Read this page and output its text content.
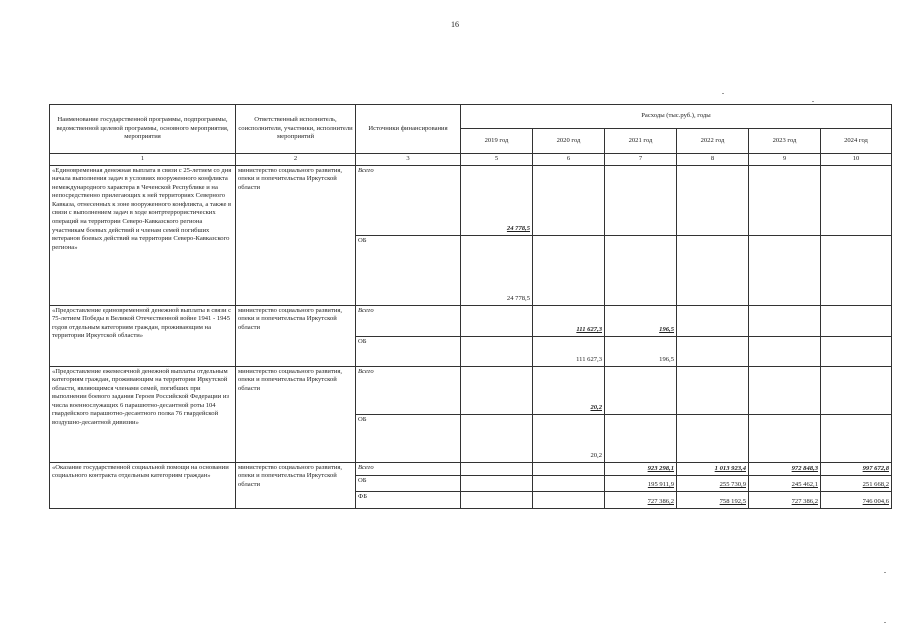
16
Наименование государственной программы, подпрограммы, ведомственной целевой программы, основного мероприятия, мероприятия	Ответственный исполнитель, соисполнители, участники, исполнители мероприятий	Источники финансирования	Расходы (тыс.руб.), годы					
			2019 год	2020 год	2021 год	2022 год	2023 год	2024 год
1	2	3	5	6	7	8	9	10
«Единовременная денежная выплата в связи с 25-летием со дня начала выполнения задач в условиях вооруженного конфликта немеждународного характера в Чеченской Республике и на непосредственно прилегающих к ней территориях Северного Кавказа, отнесенных к зоне вооруженного конфликта, а также в связи с выполнением задач в ходе контртеррористических операций на территории Северо-Кавказского региона участникам боевых действий и членам семей погибших ветеранов боевых действий на территории Северо-Кавказского региона»	министерство социального развития, опеки и попечительства Иркутской области	Всего	24 778,5					
		ОБ	24 778,5					
«Предоставление единовременной денежной выплаты в связи с 75-летием Победы в Великой Отечественной войне 1941 - 1945 годов отдельным категориям граждан, проживающим на территории Иркутской области»	министерство социального развития, опеки и попечительства Иркутской области	Всего		111 627,3	196,5			
		ОБ		111 627,3	196,5			
«Предоставление ежемесячной денежной выплаты отдельным категориям граждан, проживающим на территории Иркутской области, являющимся членами семей, погибших при выполнении боевого задания Героев Российской Федерации из числа военнослужащих 6 парашютно-десантной роты 104 гвардейского парашютно-десантного полка 76 гвардейской воздушно-десантной дивизии»	министерство социального развития, опеки и попечительства Иркутской области	Всего		20,2				
		ОБ		20,2				
«Оказание государственной социальной помощи на основании социального контракта отдельным категориям граждан»	министерство социального развития, опеки и попечительства Иркутской области	Всего			923 298,1	1 013 923,4	972 848,3	997 672,8
		ОБ			195 911,9	255 730,9	245 462,1	251 668,2
		ФБ			727 386,2	758 192,5	727 386,2	746 004,6
